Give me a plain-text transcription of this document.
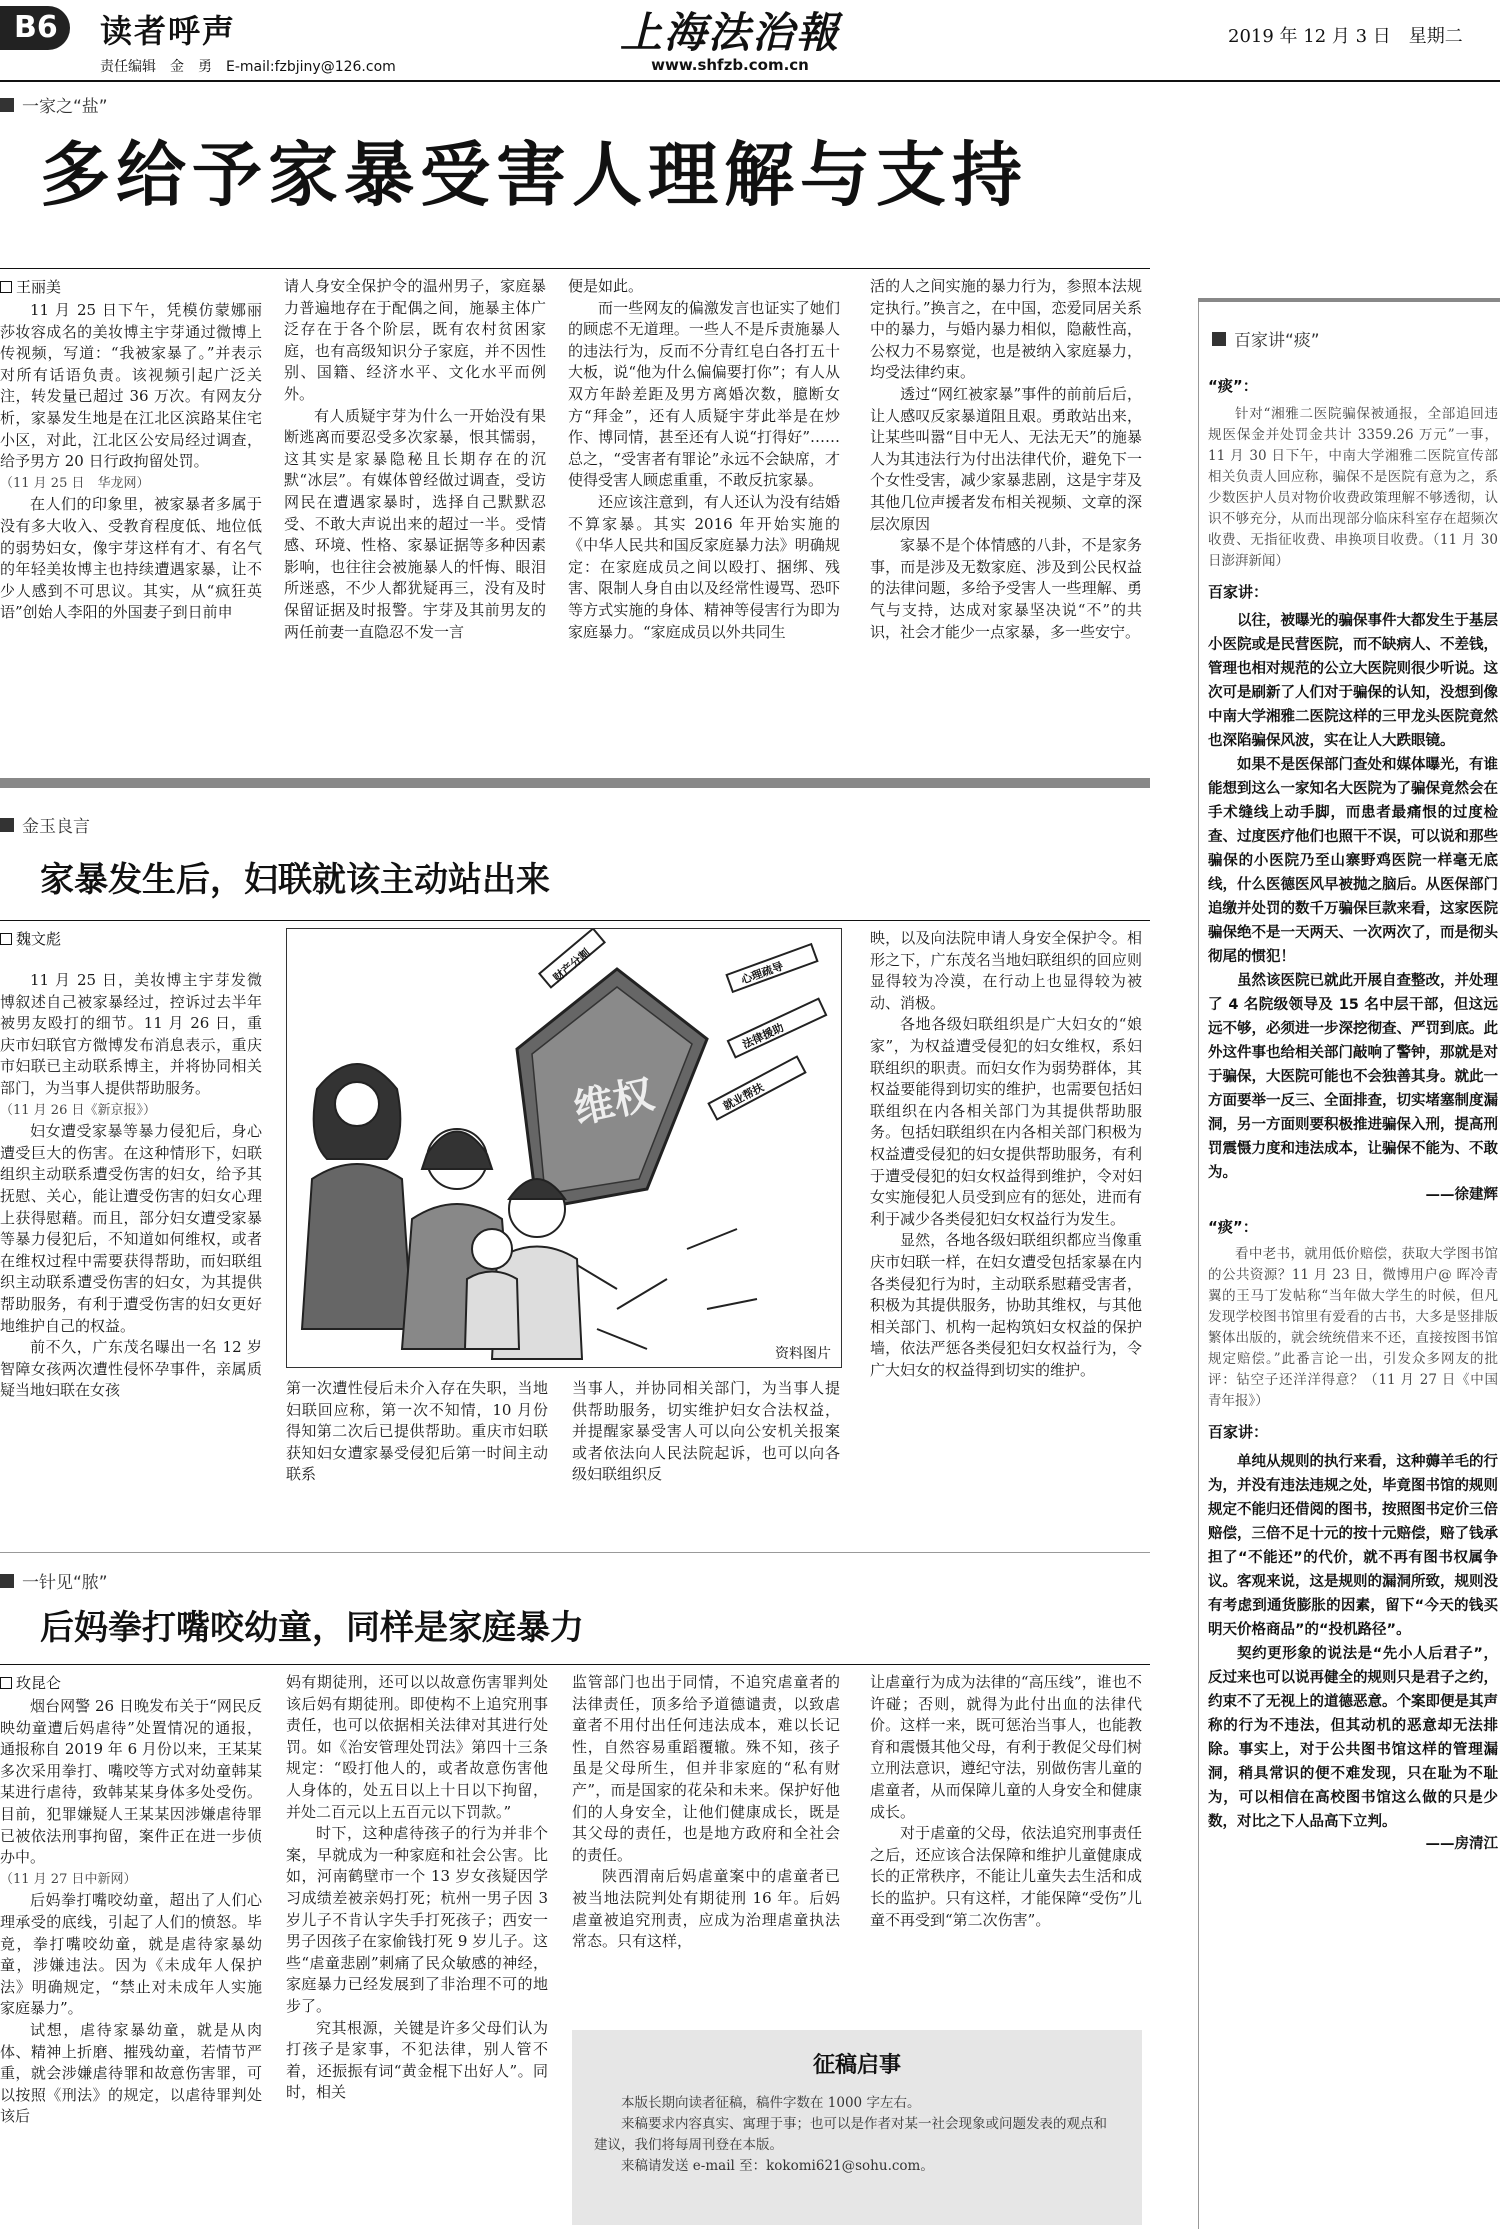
B6	读者呼声
责任编辑　金　勇　E-mail:fzbjiny@126.com
上海法治報
www.shfzb.com.cn
2019 年 12 月 3 日　星期二
一家之“盐”
多给予家暴受害人理解与支持
王丽美

11 月 25 日下午，凭模仿蒙娜丽莎妆容成名的美妆博主宇芽通过微博上传视频，写道：“我被家暴了。”并表示对所有话语负责。该视频引起广泛关注，转发量已超过 36 万次。有网友分析，家暴发生地是在江北区滨路某住宅小区，对此，江北区公安局经过调查，给予男方 20 日行政拘留处罚。

（11 月 25 日　华龙网）

在人们的印象里，被家暴者多属于没有多大收入、受教育程度低、地位低的弱势妇女，像宇芽这样有才、有名气的年轻美妆博主也持续遭遇家暴，让不少人感到不可思议。其实，从“疯狂英语”创始人李阳的外国妻子到日前申

请人身安全保护令的温州男子，家庭暴力普遍地存在于配偶之间，施暴主体广泛存在于各个阶层，既有农村贫困家庭，也有高级知识分子家庭，并不因性别、国籍、经济水平、文化水平而例外。

有人质疑宇芽为什么一开始没有果断逃离而要忍受多次家暴，恨其懦弱，这其实是家暴隐秘且长期存在的沉默“冰层”。有媒体曾经做过调查，受访网民在遭遇家暴时，选择自己默默忍受、不敢大声说出来的超过一半。受情感、环境、性格、家暴证据等多种因素影响，也往往会被施暴人的忏悔、眼泪所迷惑，不少人都犹疑再三，没有及时保留证据及时报警。宇芽及其前男友的两任前妻一直隐忍不发一言

便是如此。

而一些网友的偏激发言也证实了她们的顾虑不无道理。一些人不是斥责施暴人的违法行为，反而不分青红皂白各打五十大板，说“他为什么偏偏要打你”；有人从双方年龄差距及男方离婚次数，臆断女方“拜金”，还有人质疑宇芽此举是在炒作、博同情，甚至还有人说“打得好”……总之，“受害者有罪论”永远不会缺席，才使得受害人顾虑重重，不敢反抗家暴。

还应该注意到，有人还认为没有结婚不算家暴。其实 2016 年开始实施的《中华人民共和国反家庭暴力法》明确规定：在家庭成员之间以殴打、捆绑、残害、限制人身自由以及经常性谩骂、恐吓等方式实施的身体、精神等侵害行为即为家庭暴力。“家庭成员以外共同生

活的人之间实施的暴力行为，参照本法规定执行。”换言之，在中国，恋爱同居关系中的暴力，与婚内暴力相似，隐蔽性高，公权力不易察觉，也是被纳入家庭暴力，均受法律约束。

透过“网红被家暴”事件的前前后后，让人感叹反家暴道阻且艰。勇敢站出来，让某些叫嚣“目中无人、无法无天”的施暴人为其违法行为付出法律代价，避免下一个女性受害，减少家暴悲剧，这是宇芽及其他几位声援者发布相关视频、文章的深层次原因

家暴不是个体情感的八卦，不是家务事，而是涉及无数家庭、涉及到公民权益的法律问题，多给予受害人一些理解、勇气与支持，达成对家暴坚决说“不”的共识，社会才能少一点家暴，多一些安宁。

金玉良言
家暴发生后，妇联就该主动站出来
魏文彪

11 月 25 日，美妆博主宇芽发微博叙述自己被家暴经过，控诉过去半年被男友殴打的细节。11 月 26 日，重庆市妇联官方微博发布消息表示，重庆市妇联已主动联系博主，并将协同相关部门，为当事人提供帮助服务。

（11 月 26 日《新京报》）

妇女遭受家暴等暴力侵犯后，身心遭受巨大的伤害。在这种情形下，妇联组织主动联系遭受伤害的妇女，给予其抚慰、关心，能让遭受伤害的妇女心理上获得慰藉。而且，部分妇女遭受家暴等暴力侵犯后，不知道如何维权，或者在维权过程中需要获得帮助，而妇联组织主动联系遭受伤害的妇女，为其提供帮助服务，有利于遭受伤害的妇女更好地维护自己的权益。

前不久，广东茂名曝出一名 12 岁智障女孩两次遭性侵怀孕事件，亲属质疑当地妇联在女孩

维权
财产分割	心理疏导
法律援助
就业帮扶
资料图片

第一次遭性侵后未介入存在失职，当地妇联回应称，第一次不知情，10 月份得知第二次后已提供帮助。重庆市妇联获知妇女遭家暴受侵犯后第一时间主动联系

当事人，并协同相关部门，为当事人提供帮助服务，切实维护妇女合法权益，并提醒家暴受害人可以向公安机关报案或者依法向人民法院起诉，也可以向各级妇联组织反

映，以及向法院申请人身安全保护令。相形之下，广东茂名当地妇联组织的回应则显得较为冷漠，在行动上也显得较为被动、消极。

各地各级妇联组织是广大妇女的“娘家”，为权益遭受侵犯的妇女维权，系妇联组织的职责。而妇女作为弱势群体，其权益要能得到切实的维护，也需要包括妇联组织在内各相关部门为其提供帮助服务。包括妇联组织在内各相关部门积极为权益遭受侵犯的妇女提供帮助服务，有利于遭受侵犯的妇女权益得到维护，令对妇女实施侵犯人员受到应有的惩处，进而有利于减少各类侵犯妇女权益行为发生。

显然，各地各级妇联组织都应当像重庆市妇联一样，在妇女遭受包括家暴在内各类侵犯行为时，主动联系慰藉受害者，积极为其提供服务，协助其维权，与其他相关部门、机构一起构筑妇女权益的保护墙，依法严惩各类侵犯妇女权益行为，令广大妇女的权益得到切实的维护。

一针见“脓”
后妈拳打嘴咬幼童，同样是家庭暴力
玫昆仑

烟台网警 26 日晚发布关于“网民反映幼童遭后妈虐待”处置情况的通报，通报称自 2019 年 6 月份以来，王某某多次采用拳打、嘴咬等方式对幼童韩某某进行虐待，致韩某某身体多处受伤。目前，犯罪嫌疑人王某某因涉嫌虐待罪已被依法刑事拘留，案件正在进一步侦办中。

（11 月 27 日中新网）

后妈拳打嘴咬幼童，超出了人们心理承受的底线，引起了人们的愤怒。毕竟，拳打嘴咬幼童，就是虐待家暴幼童，涉嫌违法。因为《未成年人保护法》明确规定，“禁止对未成年人实施家庭暴力”。

试想，虐待家暴幼童，就是从肉体、精神上折磨、摧残幼童，若情节严重，就会涉嫌虐待罪和故意伤害罪，可以按照《刑法》的规定，以虐待罪判处该后

妈有期徒刑，还可以以故意伤害罪判处该后妈有期徒刑。即使构不上追究刑事责任，也可以依据相关法律对其进行处罚。如《治安管理处罚法》第四十三条规定：“殴打他人的，或者故意伤害他人身体的，处五日以上十日以下拘留，并处二百元以上五百元以下罚款。”

时下，这种虐待孩子的行为并非个案，早就成为一种家庭和社会公害。比如，河南鹤壁市一个 13 岁女孩疑因学习成绩差被亲妈打死；杭州一男子因 3 岁儿子不肯认字失手打死孩子；西安一男子因孩子在家偷钱打死 9 岁儿子。这些“虐童悲剧”刺痛了民众敏感的神经，家庭暴力已经发展到了非治理不可的地步了。

究其根源，关键是许多父母们认为打孩子是家事，不犯法律，别人管不着，还振振有词“黄金棍下出好人”。同时，相关

监管部门也出于同情，不追究虐童者的法律责任，顶多给予道德谴责，以致虐童者不用付出任何违法成本，难以长记性，自然容易重蹈覆辙。殊不知，孩子虽是父母所生，但并非家庭的“私有财产”，而是国家的花朵和未来。保护好他们的人身安全，让他们健康成长，既是其父母的责任，也是地方政府和全社会的责任。

陕西渭南后妈虐童案中的虐童者已被当地法院判处有期徒刑 16 年。后妈虐童被追究刑责，应成为治理虐童执法常态。只有这样，

让虐童行为成为法律的“高压线”，谁也不许碰；否则，就得为此付出血的法律代价。这样一来，既可惩治当事人，也能教育和震慑其他父母，有利于教促父母们树立刑法意识，遵纪守法，别做伤害儿童的虐童者，从而保障儿童的人身安全和健康成长。

对于虐童的父母，依法追究刑事责任之后，还应该合法保障和维护儿童健康成长的正常秩序，不能让儿童失去生活和成长的监护。只有这样，才能保障“受伤”儿童不再受到“第二次伤害”。

征稿启事
本版长期向读者征稿，稿件字数在 1000 字左右。
来稿要求内容真实、寓理于事；也可以是作者对某一社会现象或问题发表的观点和建议，我们将每周刊登在本版。
来稿请发送 e-mail 至：kokomi621@sohu.com。
百家讲“痰”
“痰”：
针对“湘雅二医院骗保被通报，全部追回违规医保金并处罚金共计 3359.26 万元”一事，11 月 30 日下午，中南大学湘雅二医院宣传部相关负责人回应称，骗保不是医院有意为之，系少数医护人员对物价收费政策理解不够透彻，认识不够充分，从而出现部分临床科室存在超频次收费、无指征收费、串换项目收费。（11 月 30 日澎湃新闻）
百家讲：
以往，被曝光的骗保事件大都发生于基层小医院或是民营医院，而不缺病人、不差钱，管理也相对规范的公立大医院则很少听说。这次可是刷新了人们对于骗保的认知，没想到像中南大学湘雅二医院这样的三甲龙头医院竟然也深陷骗保风波，实在让人大跌眼镜。
如果不是医保部门查处和媒体曝光，有谁能想到这么一家知名大医院为了骗保竟然会在手术缝线上动手脚，而患者最痛恨的过度检查、过度医疗他们也照干不误，可以说和那些骗保的小医院乃至山寨野鸡医院一样毫无底线，什么医德医风早被抛之脑后。从医保部门追缴并处罚的数千万骗保巨款来看，这家医院骗保绝不是一天两天、一次两次了，而是彻头彻尾的惯犯！
虽然该医院已就此开展自查整改，并处理了 4 名院级领导及 15 名中层干部，但这远远不够，必须进一步深挖彻查、严罚到底。此外这件事也给相关部门敲响了警钟，那就是对于骗保，大医院可能也不会独善其身。就此一方面要举一反三、全面排查，切实堵塞制度漏洞，另一方面则要积极推进骗保入刑，提高刑罚震慑力度和违法成本，让骗保不能为、不敢为。
——徐建辉
“痰”：
看中老书，就用低价赔偿，获取大学图书馆的公共资源？11 月 23 日，微博用户@ 晖冷青翼的王马丁发帖称“当年做大学生的时候，但凡发现学校图书馆里有爱看的古书，大多是竖排版繁体出版的，就会统统借来不还，直接按图书馆规定赔偿。”此番言论一出，引发众多网友的批评：钻空子还洋洋得意？（11 月 27 日《中国青年报》）
百家讲：
单纯从规则的执行来看，这种薅羊毛的行为，并没有违法违规之处，毕竟图书馆的规则规定不能归还借阅的图书，按照图书定价三倍赔偿，三倍不足十元的按十元赔偿，赔了钱承担了“不能还”的代价，就不再有图书权属争议。客观来说，这是规则的漏洞所致，规则没有考虑到通货膨胀的因素，留下“今天的钱买明天价格商品”的“投机路径”。
契约更形象的说法是“先小人后君子”，反过来也可以说再健全的规则只是君子之约，约束不了无视上的道德恶意。个案即便是其声称的行为不违法，但其动机的恶意却无法排除。事实上，对于公共图书馆这样的管理漏洞，稍具常识的便不难发现，只在耻为不耻为，可以相信在高校图书馆这么做的只是少数，对比之下人品高下立判。
——房清江
